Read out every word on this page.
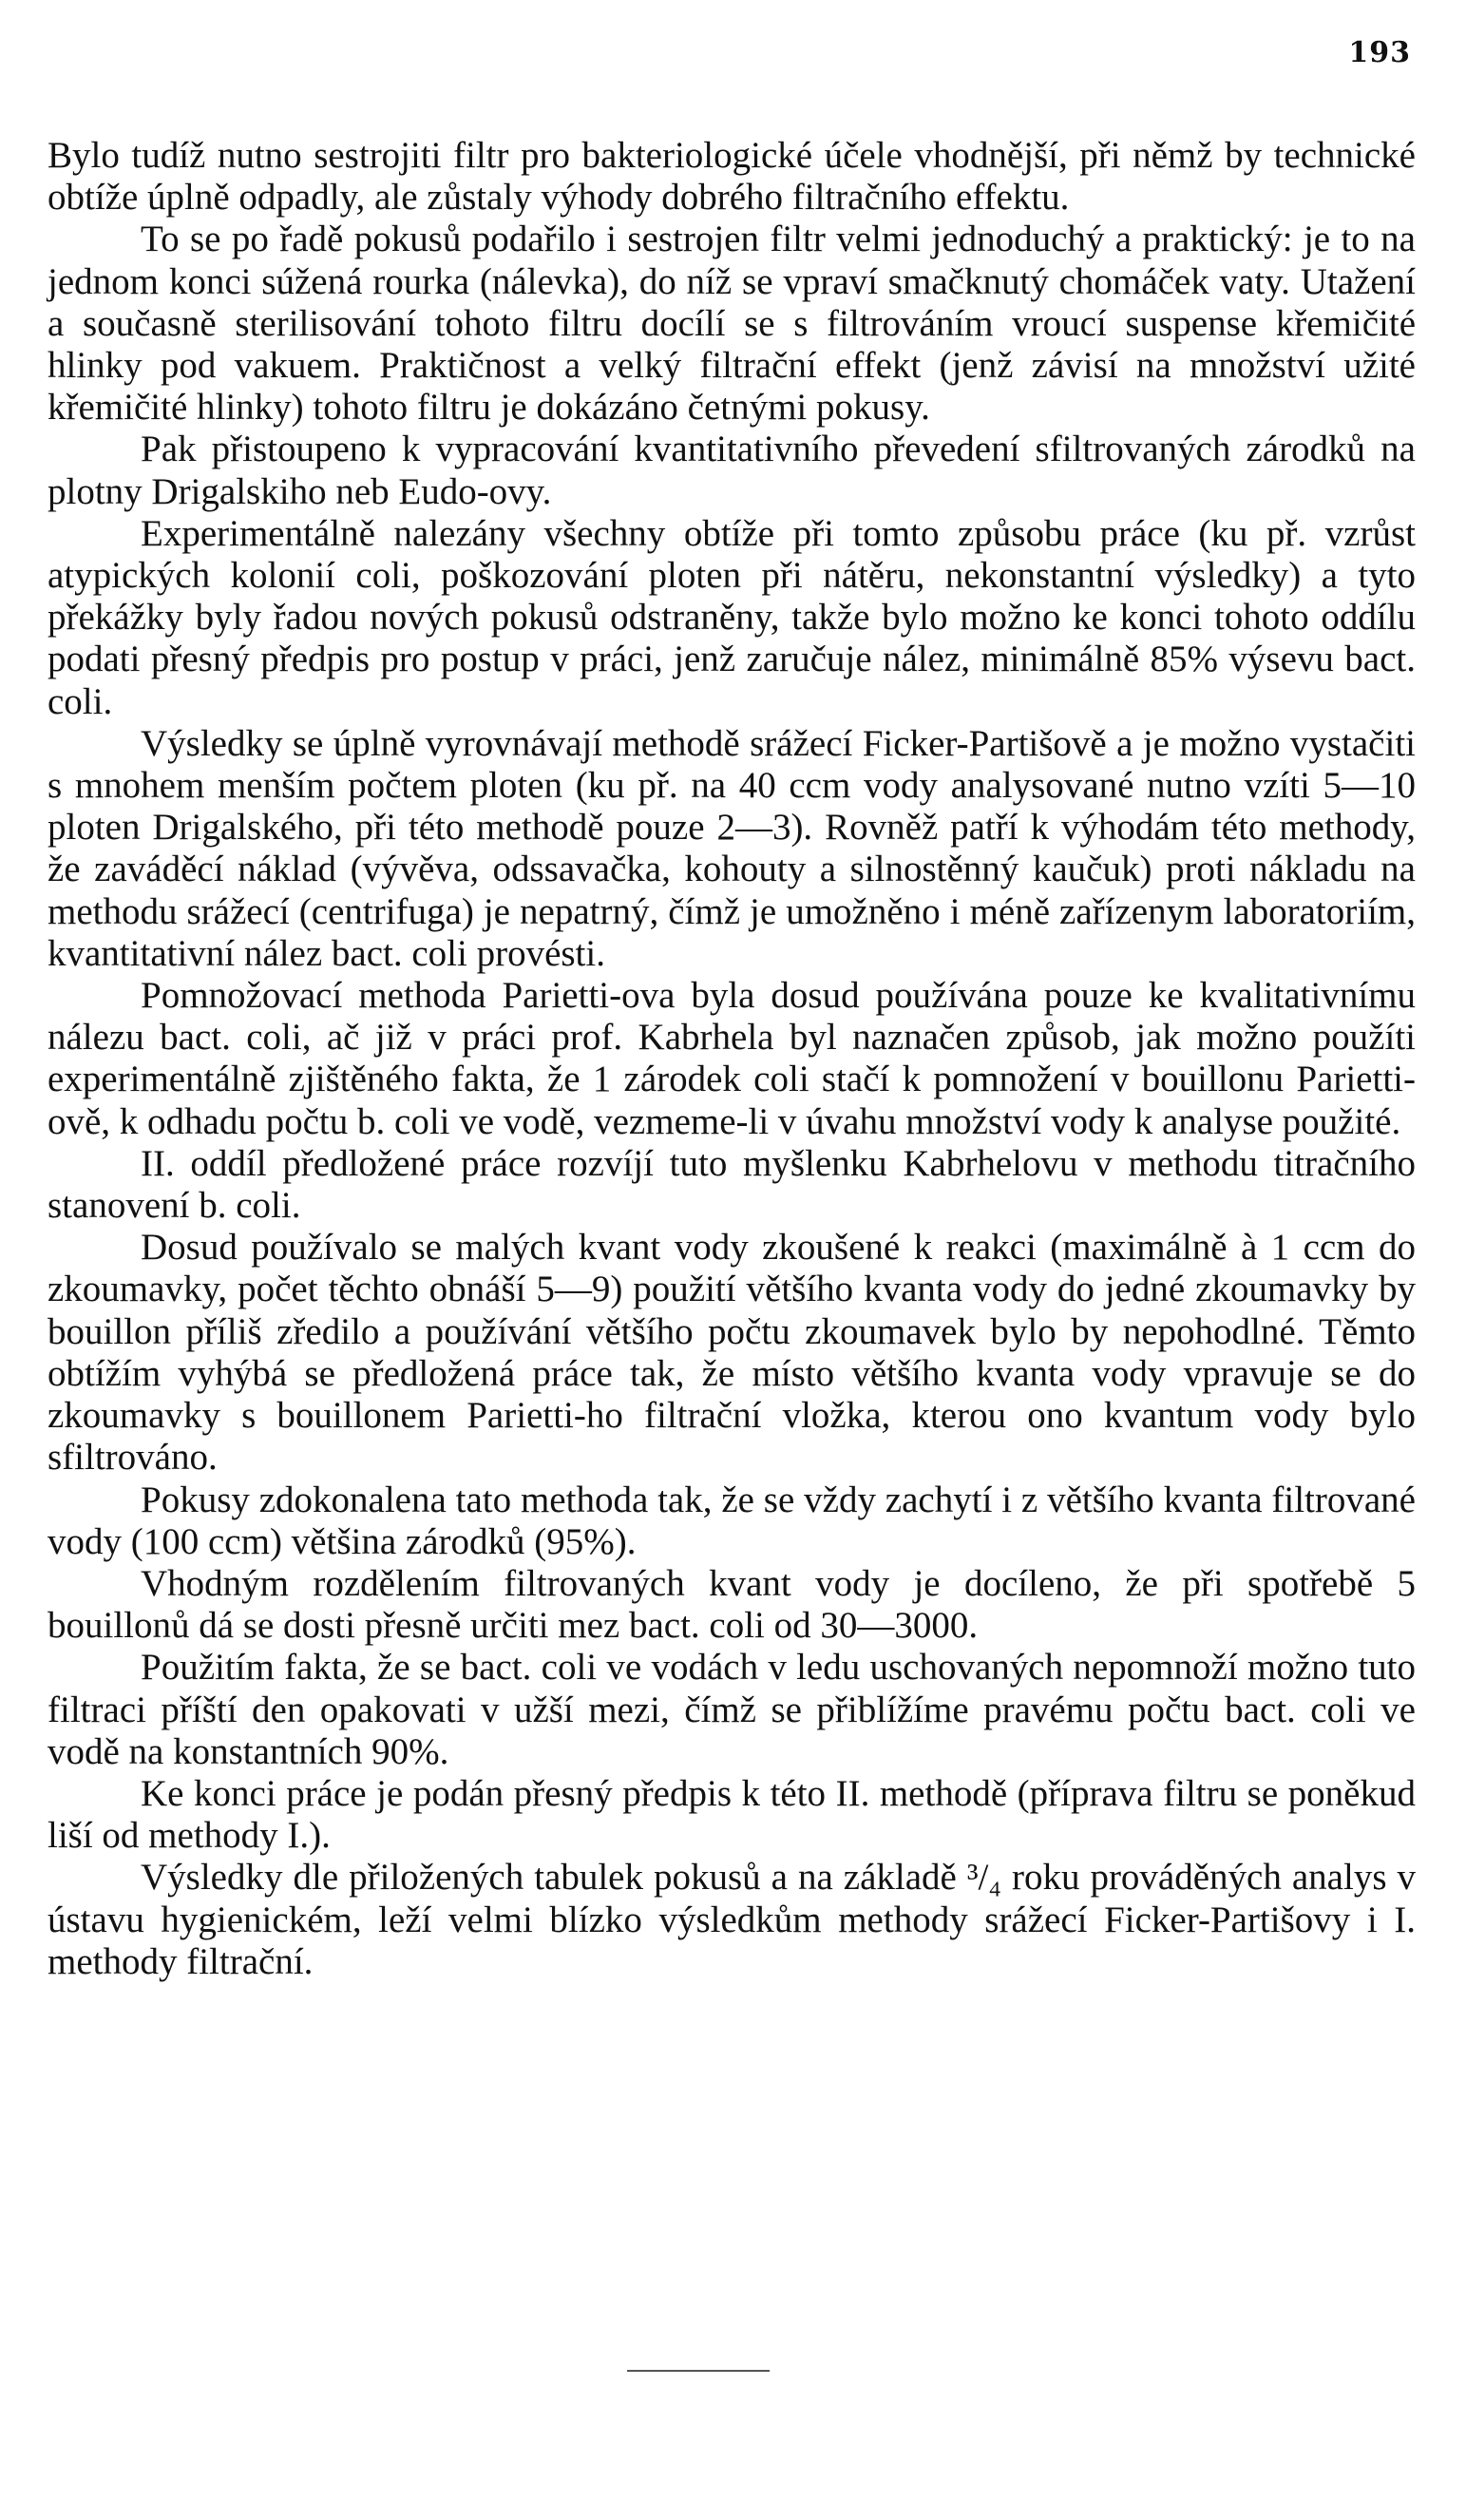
193

Bylo tudíž nutno sestrojiti filtr pro bakteriologické účele vhodnější, při němž by technické obtíže úplně odpadly, ale zůstaly výhody dobrého filtračního effektu.

To se po řadě pokusů podařilo i sestrojen filtr velmi jednoduchý a praktický: je to na jednom konci súžená rourka (nálevka), do níž se vpraví smačknutý chomáček vaty. Utažení a současně sterilisování tohoto filtru docílí se s filtrováním vroucí suspense křemičité hlinky pod vakuem. Praktičnost a velký filtrační effekt (jenž závisí na množství užité křemičité hlinky) tohoto filtru je dokázáno četnými pokusy.

Pak přistoupeno k vypracování kvantitativního převedení sfiltrovaných zárodků na plotny Drigalskiho neb Eudo-ovy.

Experimentálně nalezány všechny obtíže při tomto způsobu práce (ku př. vzrůst atypických kolonií coli, poškozování ploten při nátěru, nekonstantní výsledky) a tyto překážky byly řadou nových pokusů odstraněny, takže bylo možno ke konci tohoto oddílu podati přesný předpis pro postup v práci, jenž zaručuje nález, minimálně 85% výsevu bact. coli.

Výsledky se úplně vyrovnávají methodě srážecí Ficker-Partišově a je možno vystačiti s mnohem menším počtem ploten (ku př. na 40 ccm vody analysované nutno vzíti 5—10 ploten Drigalského, při této methodě pouze 2—3). Rovněž patří k výhodám této methody, že zaváděcí náklad (vývěva, odssavačka, kohouty a silnostěnný kaučuk) proti nákladu na methodu srážecí (centrifuga) je nepatrný, čímž je umožněno i méně zařízenym laboratoriím, kvantitativní nález bact. coli provésti.

Pomnožovací methoda Parietti-ova byla dosud používána pouze ke kvalitativnímu nálezu bact. coli, ač již v práci prof. Kabrhela byl naznačen způsob, jak možno použíti experimentálně zjištěného fakta, že 1 zárodek coli stačí k pomnožení v bouillonu Parietti-ově, k odhadu počtu b. coli ve vodě, vezmeme-li v úvahu množství vody k analyse použité.

II. oddíl předložené práce rozvíjí tuto myšlenku Kabrhelovu v methodu titračního stanovení b. coli.

Dosud používalo se malých kvant vody zkoušené k reakci (maximálně à 1 ccm do zkoumavky, počet těchto obnáší 5—9) použití většího kvanta vody do jedné zkoumavky by bouillon příliš zředilo a používání většího počtu zkoumavek bylo by nepohodlné. Těmto obtížím vyhýbá se předložená práce tak, že místo většího kvanta vody vpravuje se do zkoumavky s bouillonem Parietti-ho filtrační vložka, kterou ono kvantum vody bylo sfiltrováno.

Pokusy zdokonalena tato methoda tak, že se vždy zachytí i z většího kvanta filtrované vody (100 ccm) většina zárodků (95%).

Vhodným rozdělením filtrovaných kvant vody je docíleno, že při spotřebě 5 bouillonů dá se dosti přesně určiti mez bact. coli od 30—3000.

Použitím fakta, že se bact. coli ve vodách v ledu uschovaných nepomnoží možno tuto filtraci příští den opakovati v užší mezi, čímž se přiblížíme pravému počtu bact. coli ve vodě na konstantních 90%.

Ke konci práce je podán přesný předpis k této II. methodě (příprava filtru se poněkud liší od methody I.).

Výsledky dle přiložených tabulek pokusů a na základě ³/₄ roku prováděných analys v ústavu hygienickém, leží velmi blízko výsledkům methody srážecí Ficker-Partišovy i I. methody filtrační.
